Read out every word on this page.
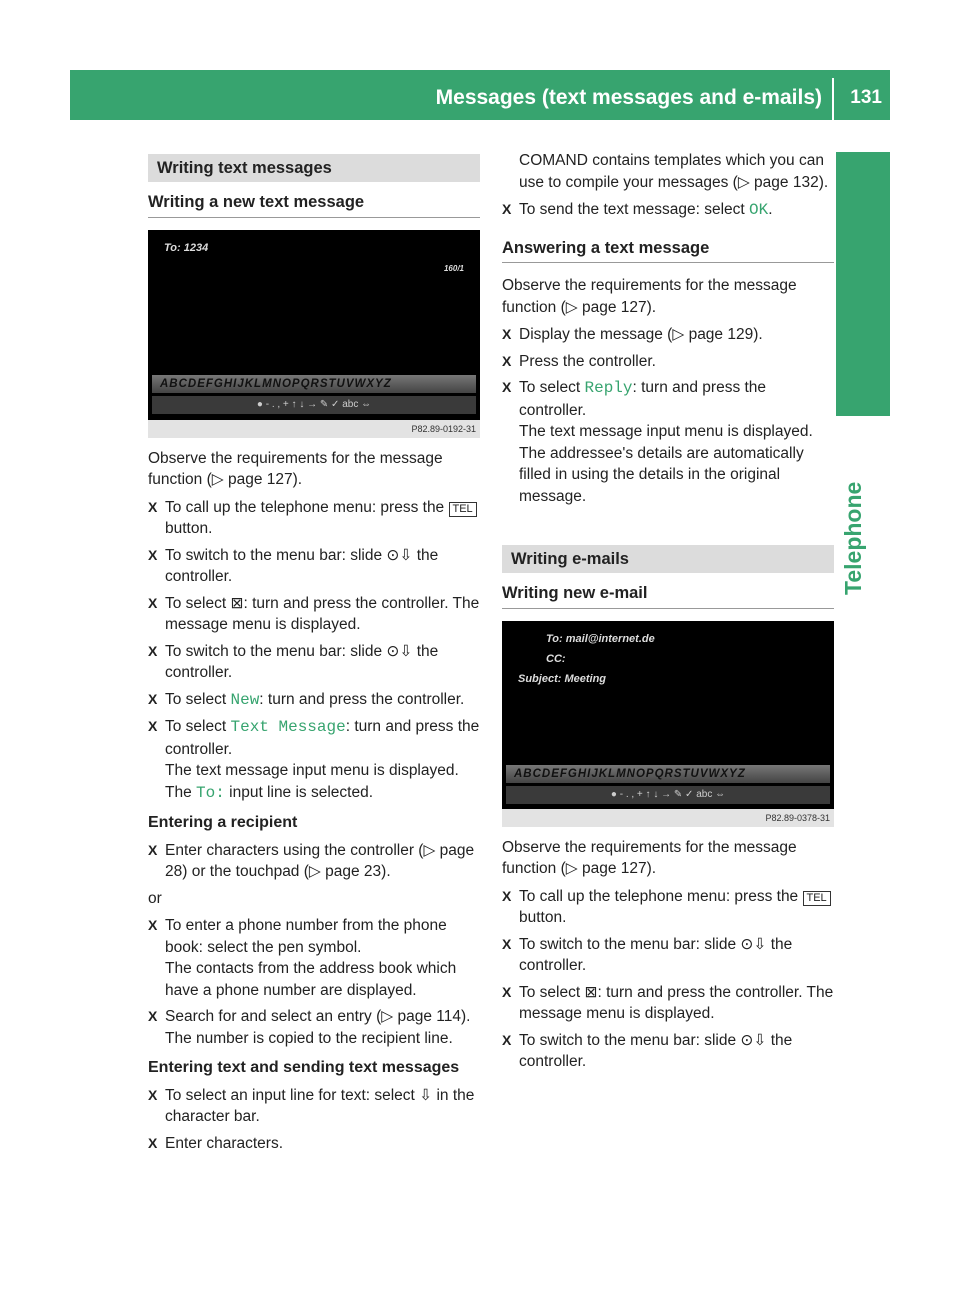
Messages (text messages and e-mails) 131
Telephone
Writing text messages
Writing a new text message
To: 1234
160/1
ABCDEFGHIJKLMNOPQRSTUVWXYZ
● - . , + ↑ ↓ → ✎ ✓ abc ⇔
P82.89-0192-31

Observe the requirements for the message function (▷ page 127).

X To call up the telephone menu: press the TEL button.
X To switch to the menu bar: slide ⊙⇩ the controller.
X To select ⊠: turn and press the controller. The message menu is displayed.
X To switch to the menu bar: slide ⊙⇩ the controller.
X To select New: turn and press the controller.
X To select Text Message: turn and press the controller.
The text message input menu is displayed.
The To: input line is selected.
Entering a recipient
X Enter characters using the controller (▷ page 28) or the touchpad (▷ page 23).

or

X To enter a phone number from the phone book: select the pen symbol.
The contacts from the address book which have a phone number are displayed.
X Search for and select an entry (▷ page 114).
The number is copied to the recipient line.
Entering text and sending text messages
X To select an input line for text: select ⇩ in the character bar.
X Enter characters.

COMAND contains templates which you can use to compile your messages (▷ page 132).

X To send the text message: select OK.
Answering a text message

Observe the requirements for the message function (▷ page 127).

X Display the message (▷ page 129).
X Press the controller.
X To select Reply: turn and press the controller.
The text message input menu is displayed. The addressee's details are automatically filled in using the details in the original message.
Writing e-mails
Writing new e-mail
To: mail@internet.de
CC:
Subject: Meeting
ABCDEFGHIJKLMNOPQRSTUVWXYZ
● - . , + ↑ ↓ → ✎ ✓ abc ⇔
P82.89-0378-31

Observe the requirements for the message function (▷ page 127).

X To call up the telephone menu: press the TEL button.
X To switch to the menu bar: slide ⊙⇩ the controller.
X To select ⊠: turn and press the controller. The message menu is displayed.
X To switch to the menu bar: slide ⊙⇩ the controller.
